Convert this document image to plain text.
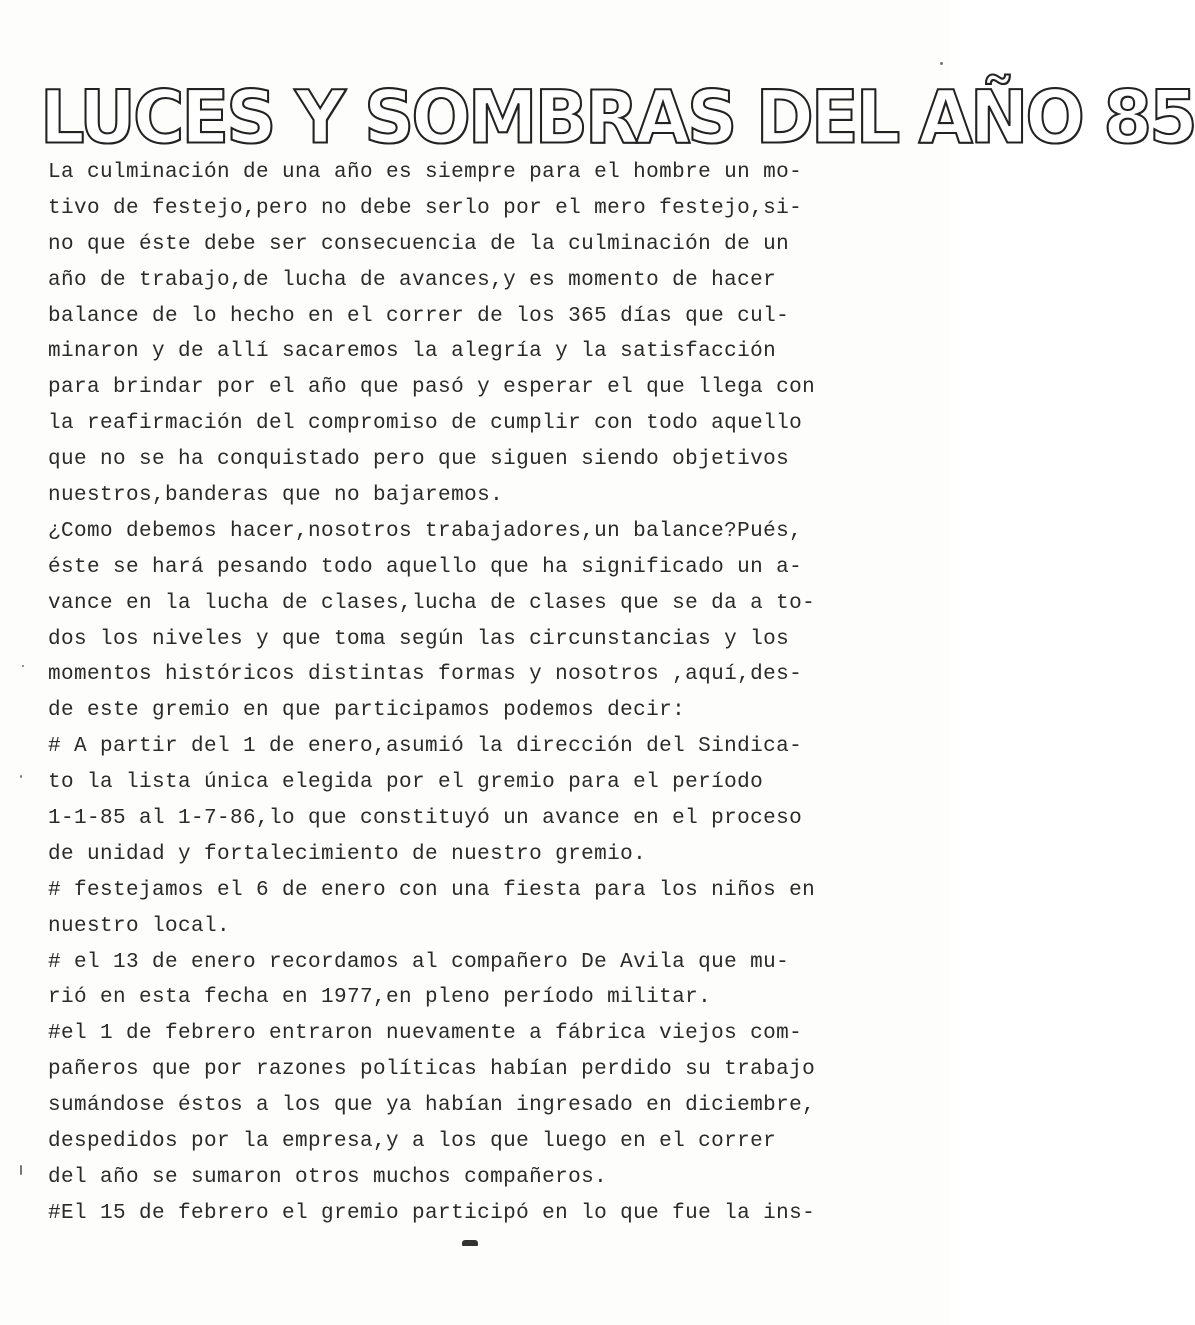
LUCES Y SOMBRAS DEL AÑO 85
La culminación de una año es siempre para el hombre un mo-
tivo de festejo,pero no debe serlo por el mero festejo,si-
no que éste debe ser consecuencia de la culminación de un
año de trabajo,de lucha de avances,y es momento de hacer
balance de lo hecho en el correr de los 365 días que cul-
minaron y de allí sacaremos la alegría y la satisfacción
para brindar por el año que pasó y esperar el que llega con
la reafirmación del compromiso de cumplir con todo aquello
que no se ha conquistado pero que siguen siendo objetivos
nuestros,banderas que no bajaremos.
¿Como debemos hacer,nosotros trabajadores,un balance?Pués,
éste se hará pesando todo aquello que ha significado un a-
vance en la lucha de clases,lucha de clases que se da a to-
dos los niveles y que toma según las circunstancias y los
momentos históricos distintas formas y nosotros ,aquí,des-
de este gremio en que participamos podemos decir:
# A partir del 1 de enero,asumió la dirección del Sindica-
to la lista única elegida por el gremio para el período
1-1-85 al 1-7-86,lo que constituyó un avance en el proceso
de unidad y fortalecimiento de nuestro gremio.
# festejamos el 6 de enero con una fiesta para los niños en
nuestro local.
# el 13 de enero recordamos al compañero De Avila que mu-
rió en esta fecha en 1977,en pleno período militar.
#el 1 de febrero entraron nuevamente a fábrica viejos com-
pañeros que por razones políticas habían perdido su trabajo
sumándose éstos a los que ya habían ingresado en diciembre,
despedidos por la empresa,y a los que luego en el correr
del año se sumaron otros muchos compañeros.
#El 15 de febrero el gremio participó en lo que fue la ins-
